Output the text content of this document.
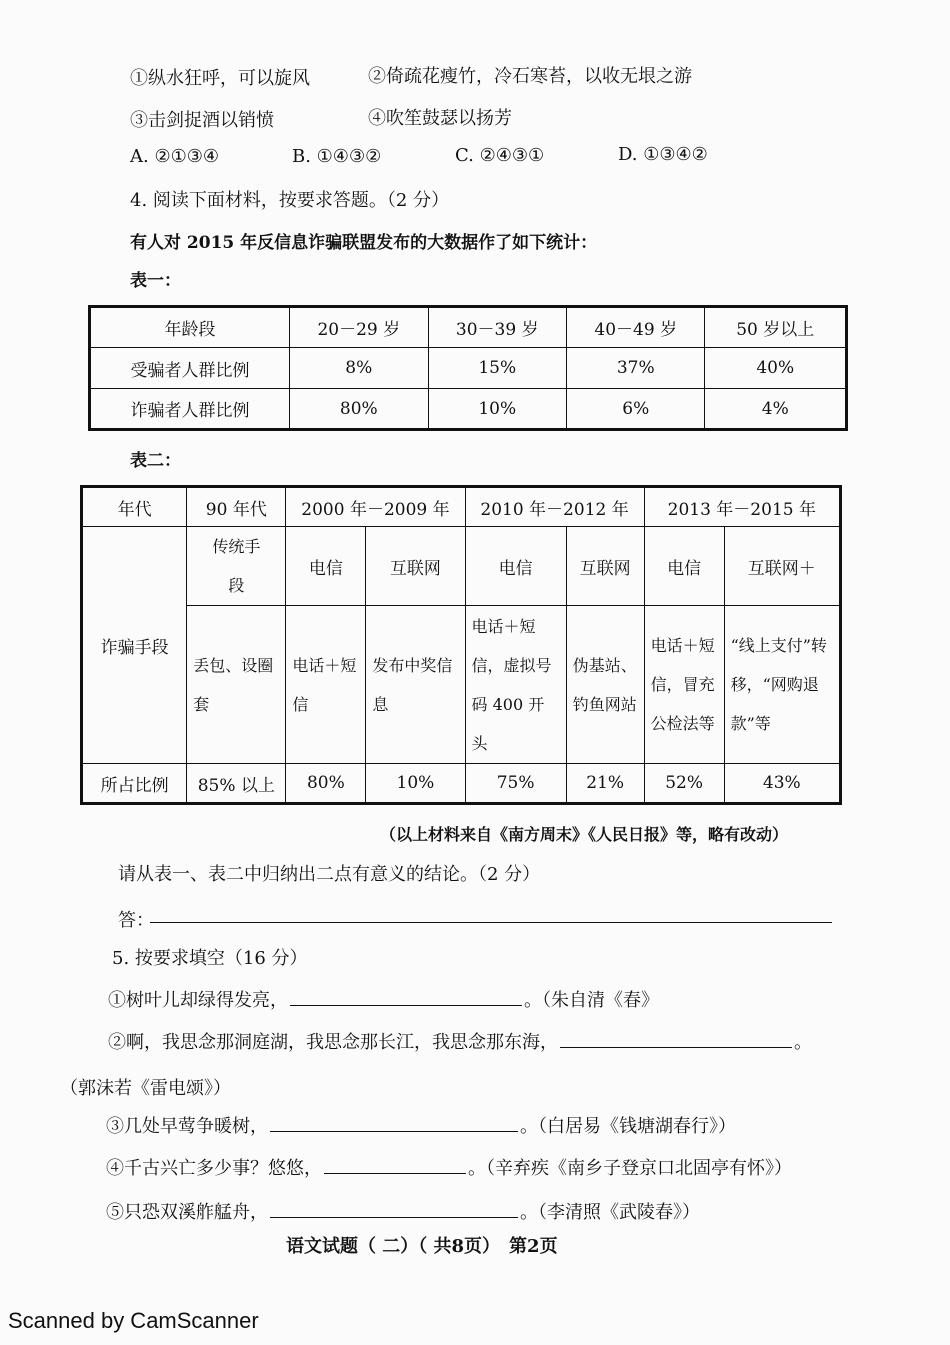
①纵水狂呼，可以旋风	②倚疏花瘦竹，冷石寒苔，以收无垠之游
③击剑捉酒以销愤	④吹笙鼓瑟以扬芳
A. ②①③④	B. ①④③②	C. ②④③①	D. ①③④②
4. 阅读下面材料，按要求答题。（2 分）
有人对 2015 年反信息诈骗联盟发布的大数据作了如下统计：
表一：
年龄段	20－29 岁	30－39 岁	40－49 岁	50 岁以上
受骗者人群比例	8%	15%	37%	40%
诈骗者人群比例	80%	10%	6%	4%
表二：
年代	90 年代	2000 年－2009 年		2010 年－2012 年		2013 年－2015 年	
诈骗手段	传统手段	电信	互联网	电信	互联网	电信	互联网＋
	丢包、设圈套	电话＋短信	发布中奖信息	电话＋短信，虚拟号码 400 开头	伪基站、钓鱼网站	电话＋短信，冒充公检法等	“线上支付”转移，“网购退款”等
所占比例	85% 以上	80%	10%	75%	21%	52%	43%
（以上材料来自《南方周末》《人民日报》等，略有改动）
请从表一、表二中归纳出二点有意义的结论。（2 分）
答：
5. 按要求填空（16 分）
①树叶儿却绿得发亮，	。（朱自清《春》
②啊，我思念那洞庭湖，我思念那长江，我思念那东海，	。
（郭沫若《雷电颂》）
③几处早莺争暖树，	。（白居易《钱塘湖春行》）
④千古兴亡多少事？悠悠，	。（辛弃疾《南乡子登京口北固亭有怀》）
⑤只恐双溪舴艋舟，	。（李清照《武陵春》）
语文试题（ 二）（ 共8页）　第2页
Scanned by CamScanner
